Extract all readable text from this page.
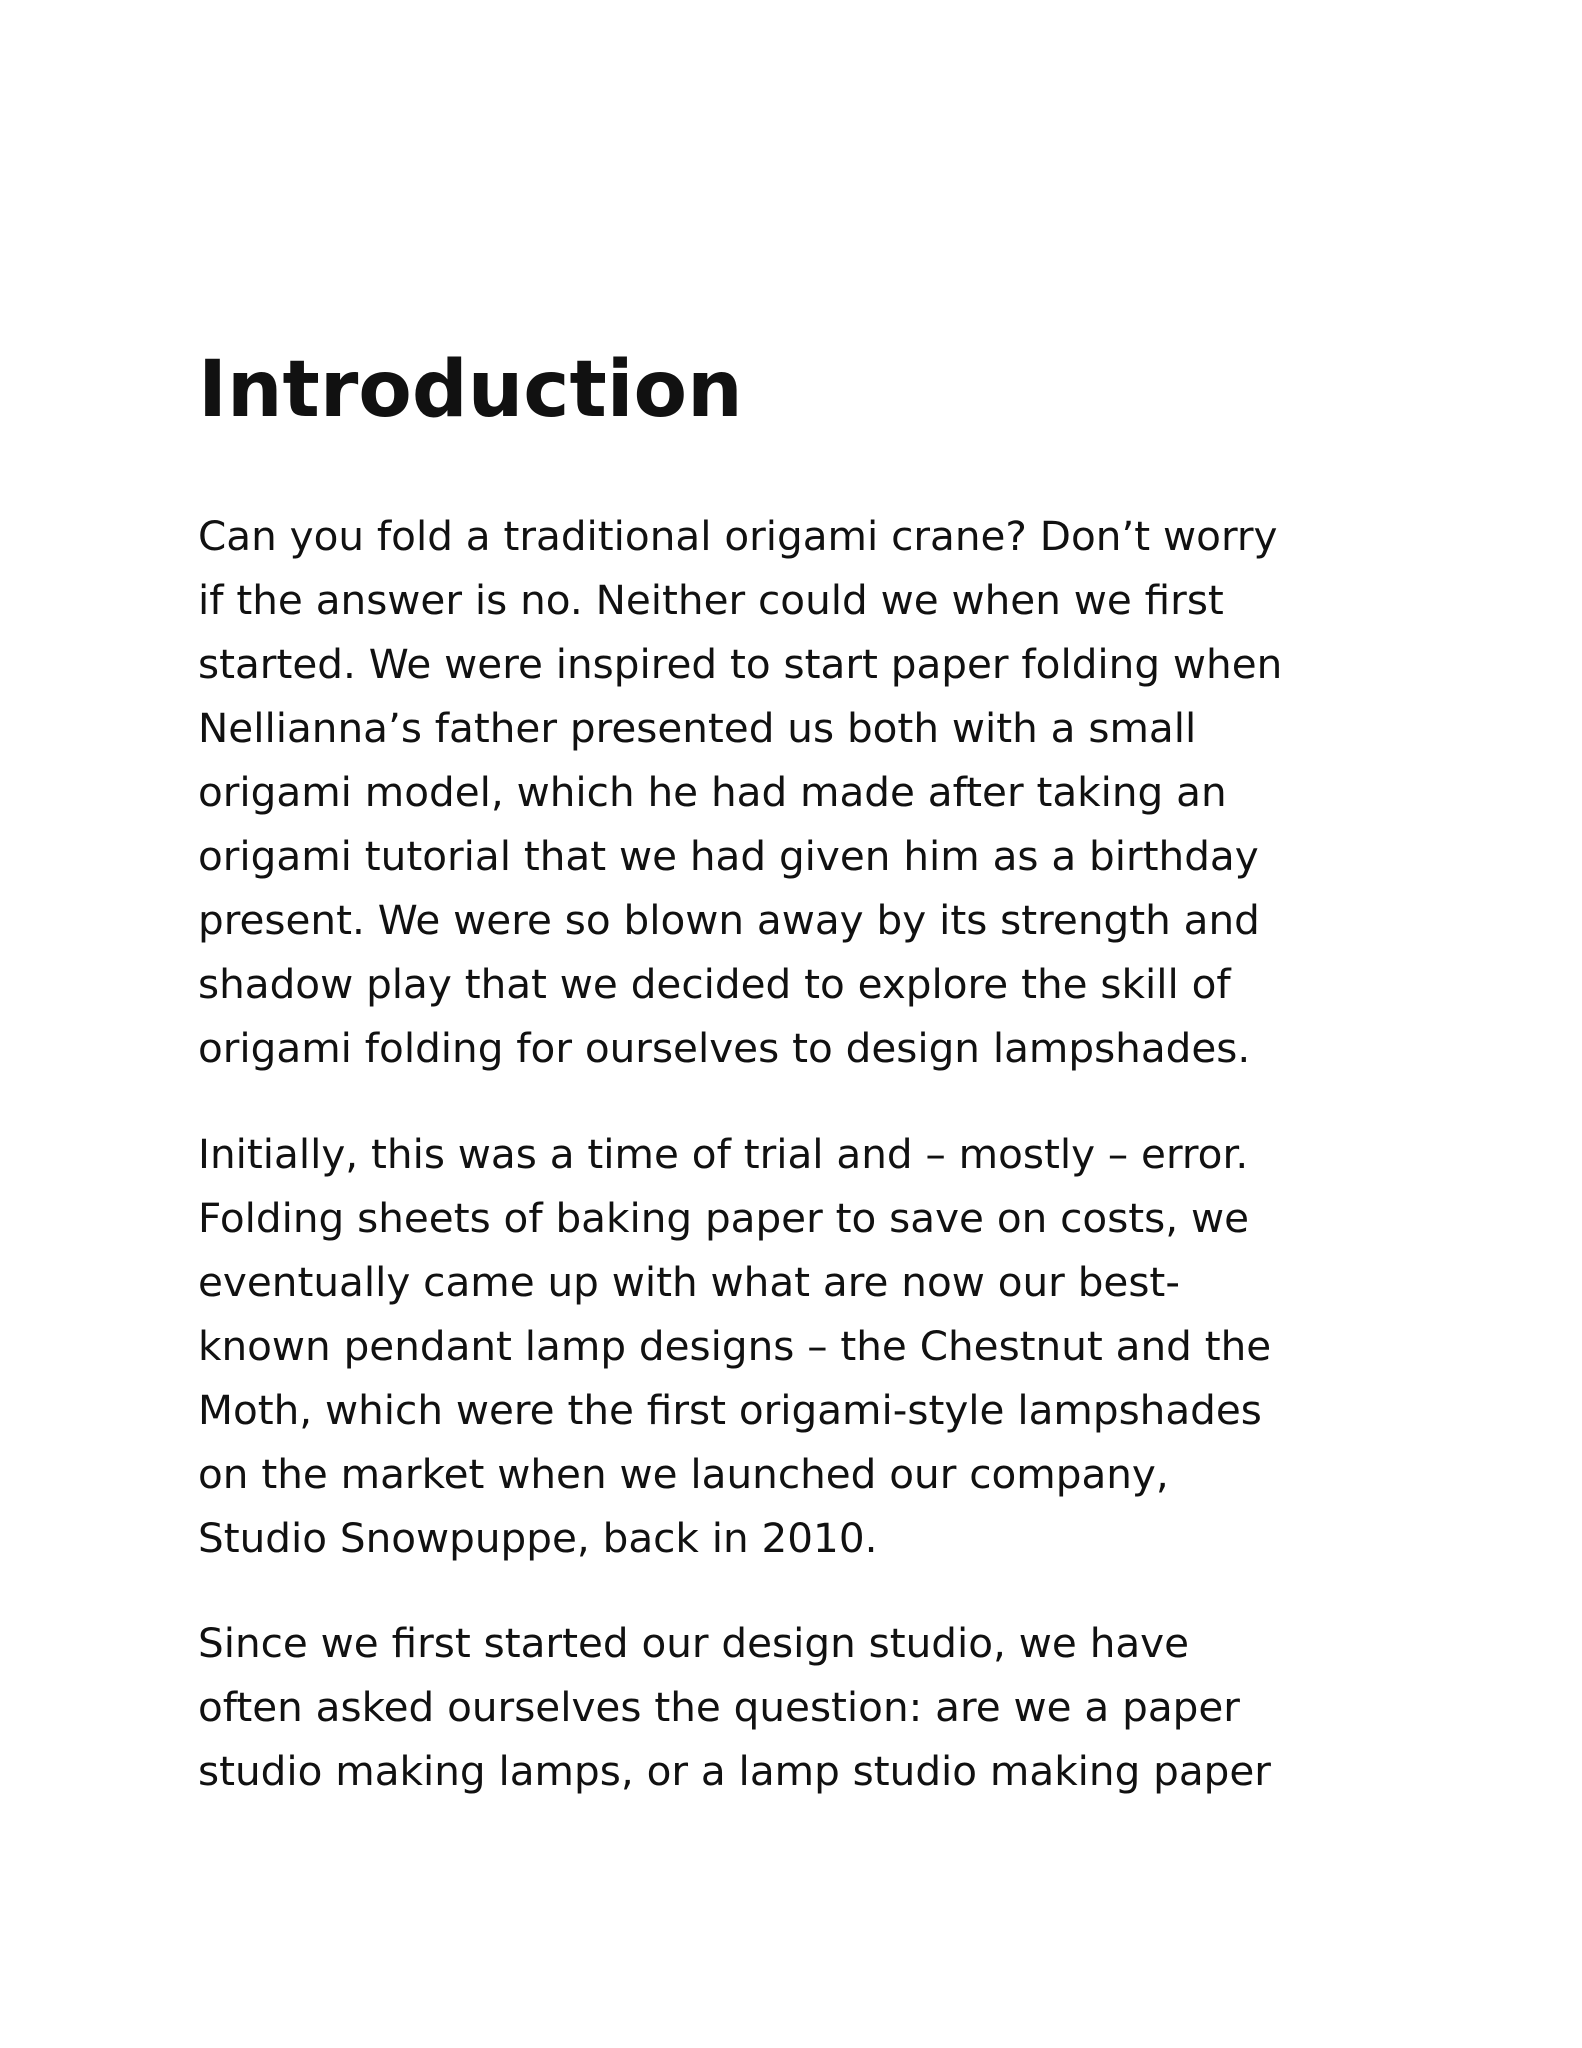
Introduction

Can you fold a traditional origami crane? Don’t worry
if the answer is no. Neither could we when we first
started. We were inspired to start paper folding when
Nellianna’s father presented us both with a small
origami model, which he had made after taking an
origami tutorial that we had given him as a birthday
present. We were so blown away by its strength and
shadow play that we decided to explore the skill of
origami folding for ourselves to design lampshades.

Initially, this was a time of trial and – mostly – error.
Folding sheets of baking paper to save on costs, we
eventually came up with what are now our best-
known pendant lamp designs – the Chestnut and the
Moth, which were the first origami-style lampshades
on the market when we launched our company,
Studio Snowpuppe, back in 2010.

Since we first started our design studio, we have
often asked ourselves the question: are we a paper
studio making lamps, or a lamp studio making paper
